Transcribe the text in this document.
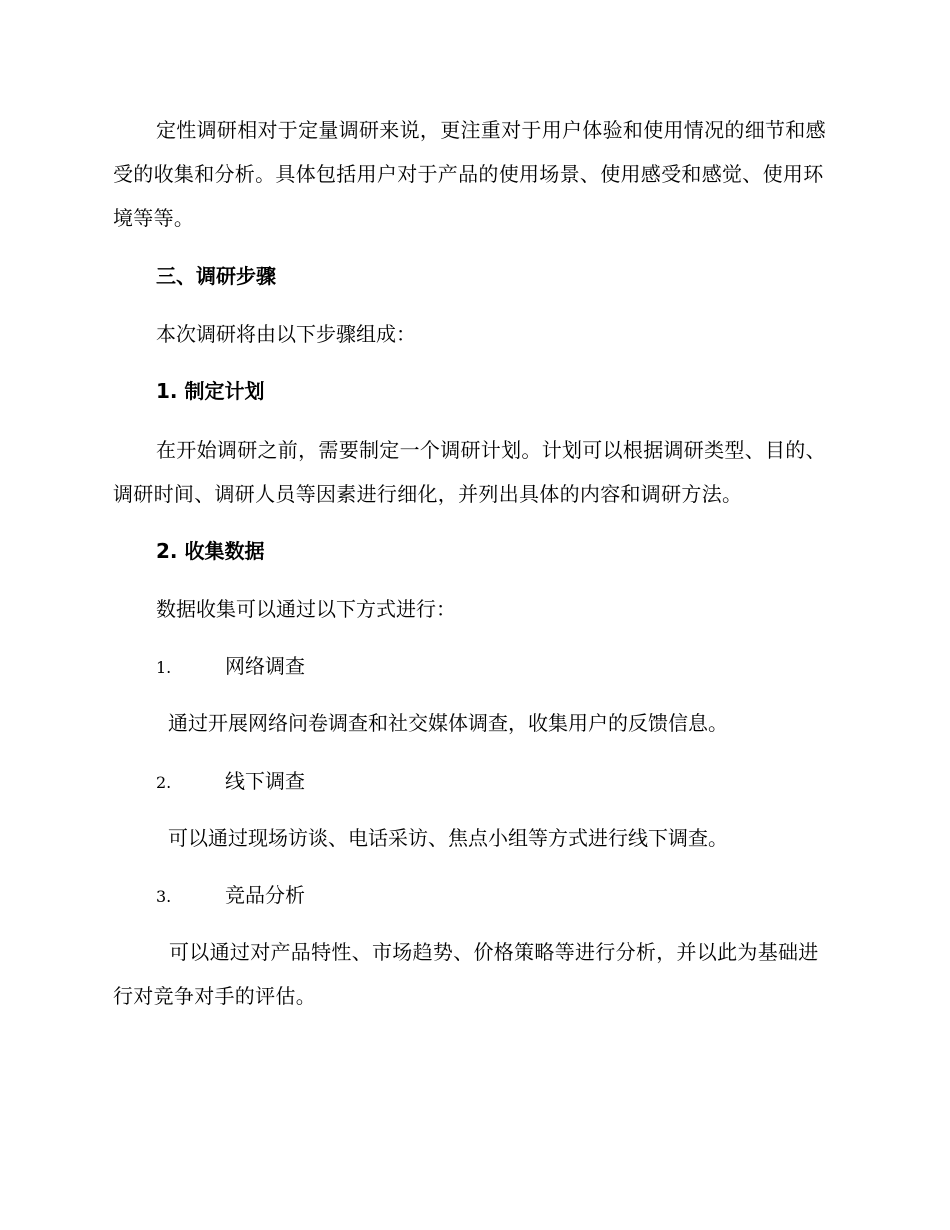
定性调研相对于定量调研来说，更注重对于用户体验和使用情况的细节和感受的收集和分析。具体包括用户对于产品的使用场景、使用感受和感觉、使用环境等等。

三、调研步骤

本次调研将由以下步骤组成：

1. 制定计划

在开始调研之前，需要制定一个调研计划。计划可以根据调研类型、目的、调研时间、调研人员等因素进行细化，并列出具体的内容和调研方法。

2. 收集数据

数据收集可以通过以下方式进行：

1.	网络调查

通过开展网络问卷调查和社交媒体调查，收集用户的反馈信息。

2.	线下调查

可以通过现场访谈、电话采访、焦点小组等方式进行线下调查。

3.	竞品分析

可以通过对产品特性、市场趋势、价格策略等进行分析，并以此为基础进行对竞争对手的评估。
